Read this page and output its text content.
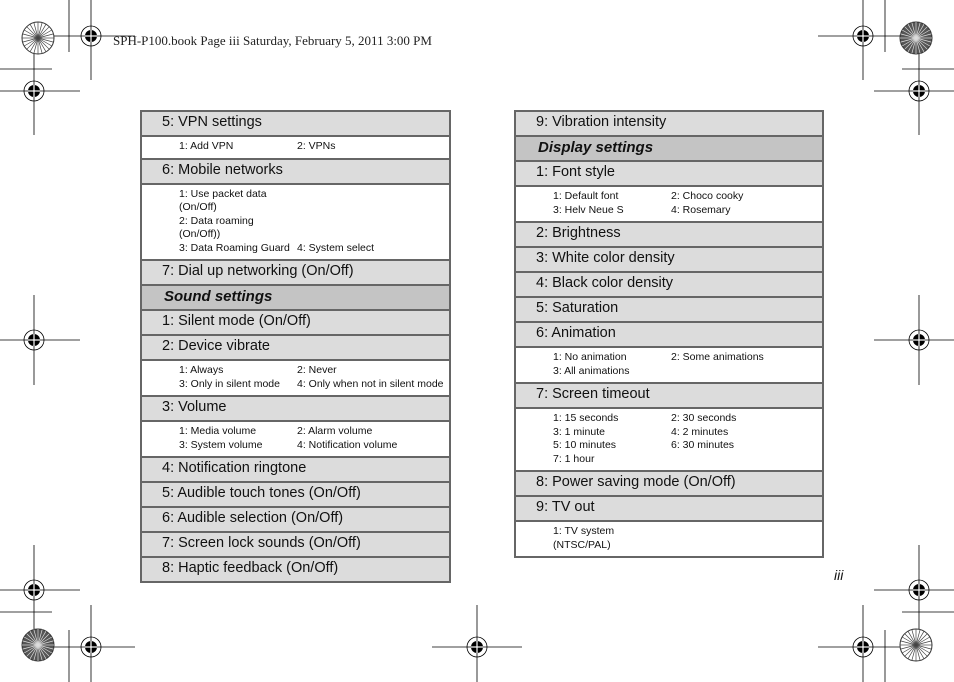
SPH-P100.book Page iii Saturday, February 5, 2011 3:00 PM
5: VPN settings
1: Add VPN	2: VPNs
6: Mobile networks
1: Use packet data (On/Off)
2: Data roaming (On/Off))
3: Data Roaming Guard 4: System select
7: Dial up networking (On/Off)
Sound settings
1: Silent mode (On/Off)
2: Device vibrate
1: Always	2: Never
3: Only in silent mode	4: Only when not in silent mode
3: Volume
1: Media volume	2: Alarm volume
3: System volume	4: Notification volume
4: Notification ringtone
5: Audible touch tones (On/Off)
6: Audible selection (On/Off)
7: Screen lock sounds (On/Off)
8: Haptic feedback (On/Off)
9: Vibration intensity
Display settings
1: Font style
1: Default font	2: Choco cooky
3: Helv Neue S	4: Rosemary
2: Brightness
3: White color density
4: Black color density
5: Saturation
6: Animation
1: No animation	2: Some animations
3: All animations
7: Screen timeout
1: 15 seconds	2: 30 seconds
3: 1 minute	4: 2 minutes
5: 10 minutes	6: 30 minutes
7: 1 hour
8: Power saving mode (On/Off)
9: TV out
1: TV system (NTSC/PAL)
iii
